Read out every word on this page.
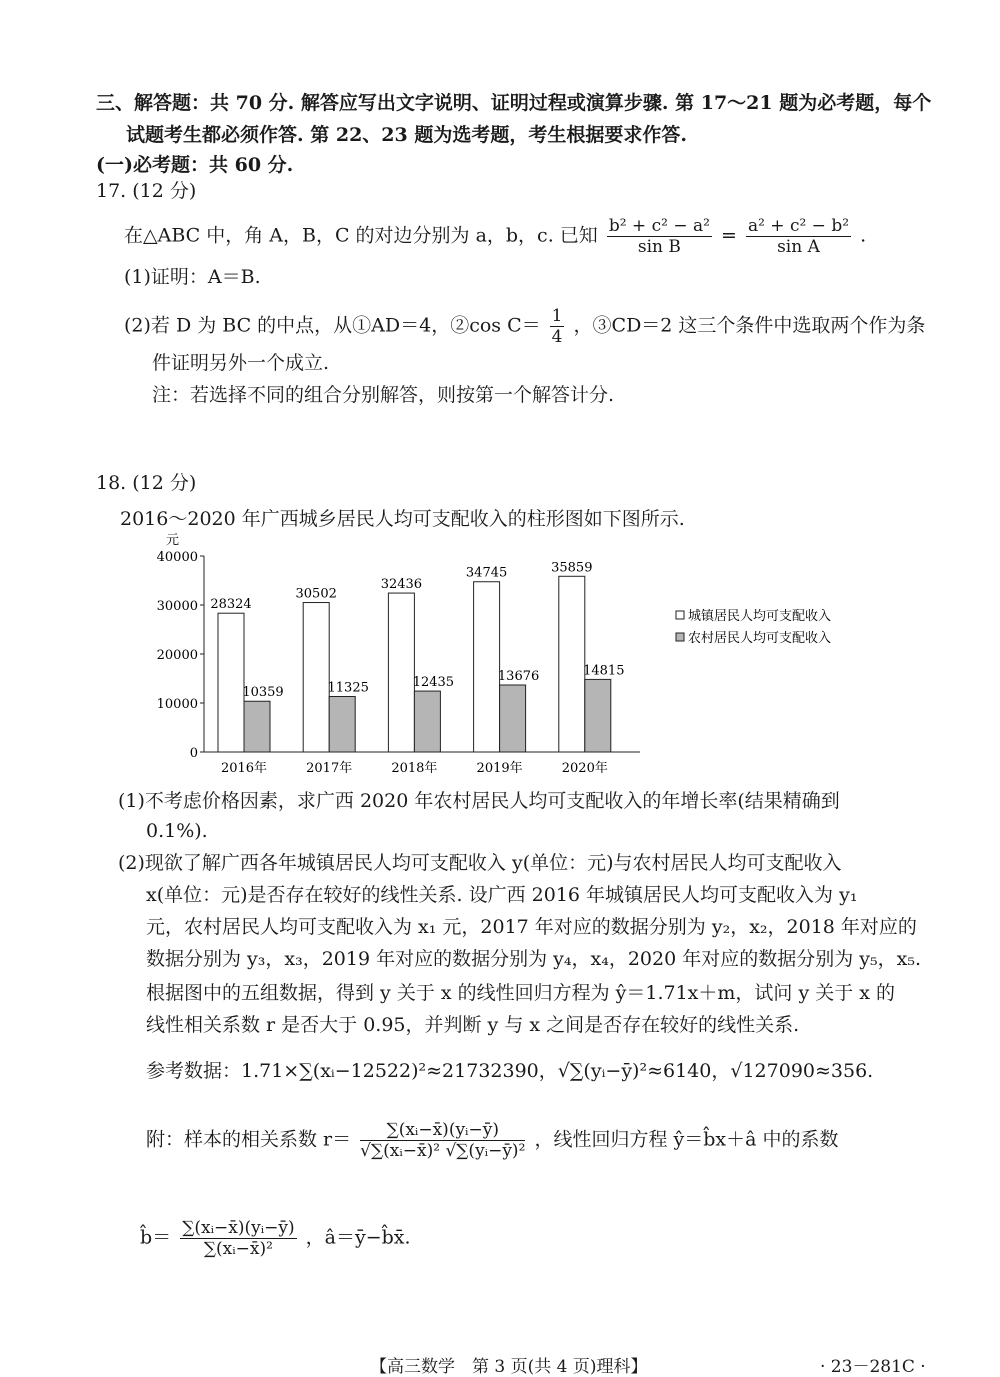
三、解答题：共 70 分. 解答应写出文字说明、证明过程或演算步骤. 第 17～21 题为必考题，每个
试题考生都必须作答. 第 22、23 题为选考题，考生根据要求作答.
(一)必考题：共 60 分.
17. (12 分)
在△ABC 中，角 A，B，C 的对边分别为 a，b，c. 已知 $\frac{\text{b² + c² − a²}}{\text{sin B}} = \frac{\text{a² + c² − b²}}{\text{sin A}}$ .
(1)证明：A＝B.
(2)若 D 为 BC 的中点，从①AD＝4，②cos $C= \frac{1}{4}$ ，③CD＝2 这三个条件中选取两个作为条
件证明另外一个成立.
注：若选择不同的组合分别解答，则按第一个解答计分.
18. (12 分)
2016～2020 年广西城乡居民人均可支配收入的柱形图如下图所示.
元
0
10000
20000
30000
40000
28324
10359
2016年
30502
11325
2017年
32436
12435
2018年
34745
13676
2019年
35859
14815
2020年
城镇居民人均可支配收入
农村居民人均可支配收入
(1)不考虑价格因素，求广西 2020 年农村居民人均可支配收入的年增长率(结果精确到
0.1%).
(2)现欲了解广西各年城镇居民人均可支配收入 y(单位：元)与农村居民人均可支配收入
x(单位：元)是否存在较好的线性关系. 设广西 2016 年城镇居民人均可支配收入为 y₁
元，农村居民人均可支配收入为 x₁ 元，2017 年对应的数据分别为 y₂，x₂，2018 年对应的
数据分别为 y₃，x₃，2019 年对应的数据分别为 y₄，x₄，2020 年对应的数据分别为 y₅，x₅.
根据图中的五组数据，得到 y 关于 x 的线性回归方程为 ŷ＝1.71x＋m，试问 y 关于 x 的
线性相关系数 r 是否大于 0.95，并判断 y 与 x 之间是否存在较好的线性关系.
参考数据：1.71×∑(xᵢ−12522)²≈21732390，√∑(yᵢ−ȳ)²≈6140，√127090≈356.
附：样本的相关系数 $r= \frac{\text{∑(xᵢ−x̄)(yᵢ−ȳ)}}{\text{√∑(xᵢ−x̄)² √∑(yᵢ−ȳ)²}}$ ，线性回归方程 ŷ＝b̂x＋â 中的系数
b̂＝ $\frac{\text{∑(xᵢ−x̄)(yᵢ−ȳ)}}{\text{∑(xᵢ−x̄)²}}$ ，â＝ȳ−b̂x̄.
【高三数学　第 3 页(共 4 页)理科】	· 23－281C ·
